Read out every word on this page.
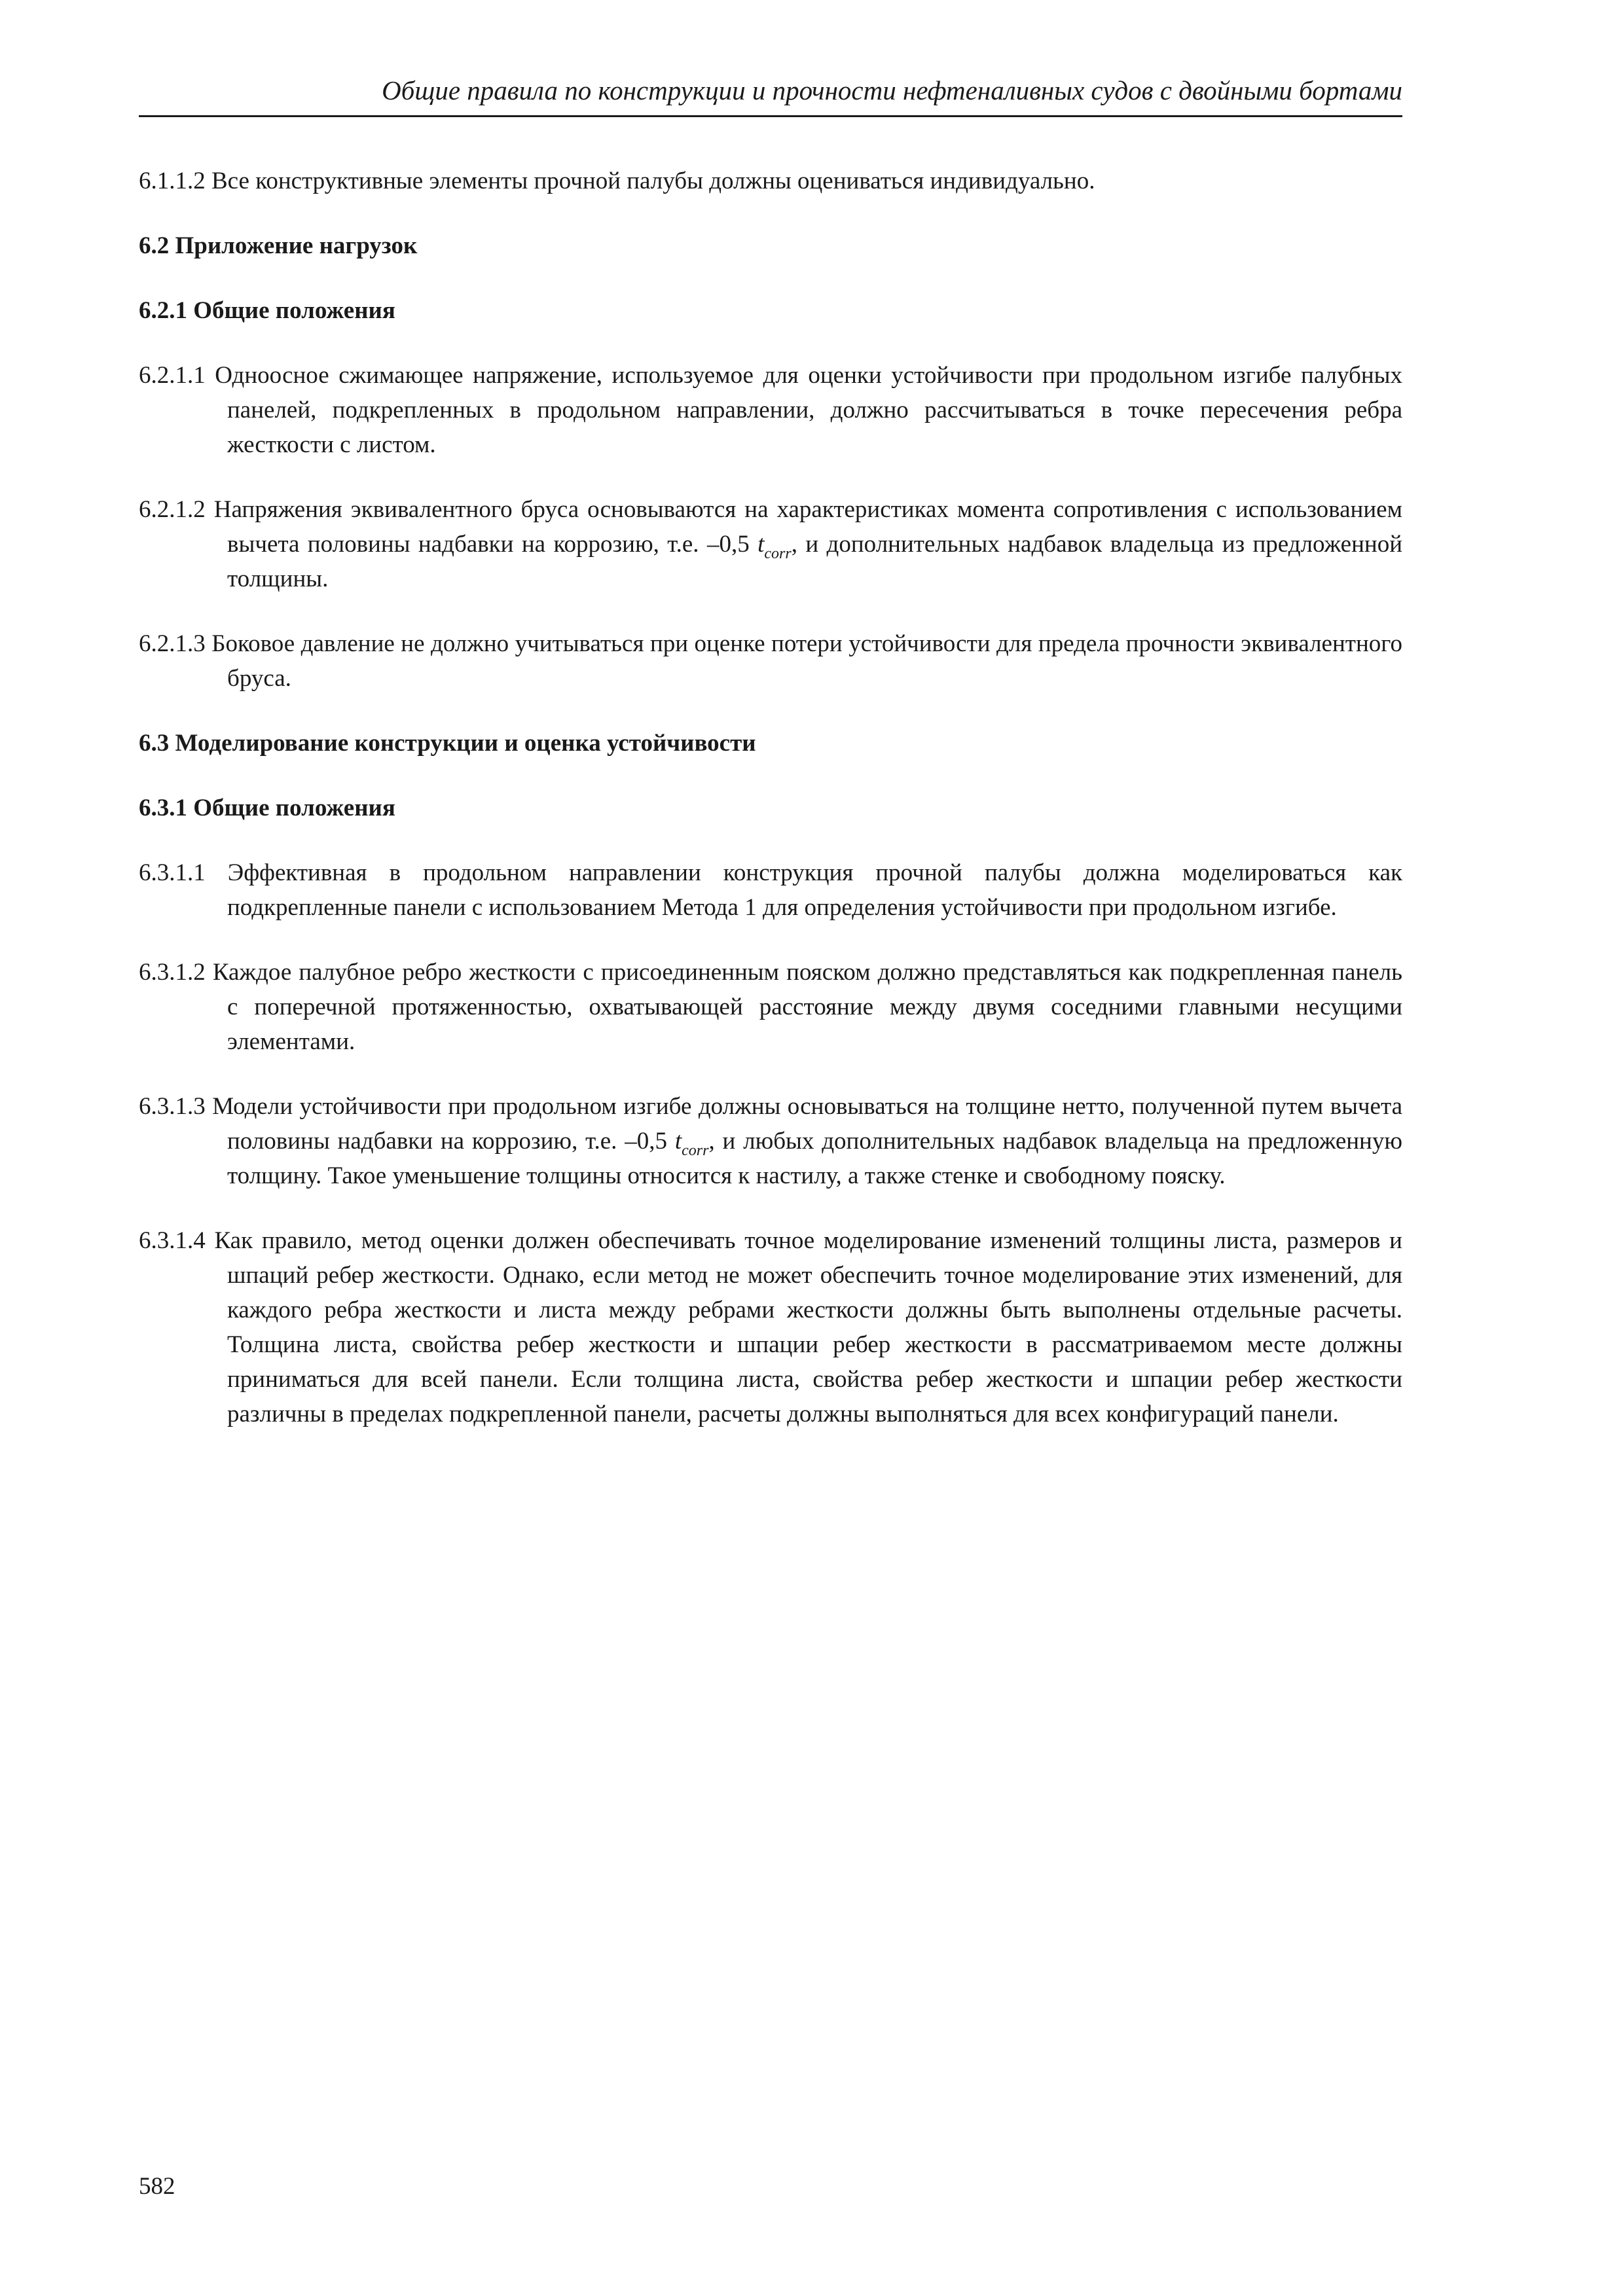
Общие правила по конструкции и прочности нефтеналивных судов с двойными бортами
6.1.1.2 Все конструктивные элементы прочной палубы должны оцениваться индивидуально.
6.2 Приложение нагрузок
6.2.1 Общие положения
6.2.1.1 Одноосное сжимающее напряжение, используемое для оценки устойчивости при продольном изгибе палубных панелей, подкрепленных в продольном направлении, должно рассчитываться в точке пересечения ребра жесткости с листом.
6.2.1.2 Напряжения эквивалентного бруса основываются на характеристиках момента сопротивления с использованием вычета половины надбавки на коррозию, т.е. –0,5 $t_{corr}$, и дополнительных надбавок владельца из предложенной толщины.
6.2.1.3 Боковое давление не должно учитываться при оценке потери устойчивости для предела прочности эквивалентного бруса.
6.3 Моделирование конструкции и оценка устойчивости
6.3.1 Общие положения
6.3.1.1 Эффективная в продольном направлении конструкция прочной палубы должна моделироваться как подкрепленные панели с использованием Метода 1 для определения устойчивости при продольном изгибе.
6.3.1.2 Каждое палубное ребро жесткости с присоединенным пояском должно представляться как подкрепленная панель с поперечной протяженностью, охватывающей расстояние между двумя соседними главными несущими элементами.
6.3.1.3 Модели устойчивости при продольном изгибе должны основываться на толщине нетто, полученной путем вычета половины надбавки на коррозию, т.е. –0,5 $t_{corr}$, и любых дополнительных надбавок владельца на предложенную толщину. Такое уменьшение толщины относится к настилу, а также стенке и свободному пояску.
6.3.1.4 Как правило, метод оценки должен обеспечивать точное моделирование изменений толщины листа, размеров и шпаций ребер жесткости. Однако, если метод не может обеспечить точное моделирование этих изменений, для каждого ребра жесткости и листа между ребрами жесткости должны быть выполнены отдельные расчеты. Толщина листа, свойства ребер жесткости и шпации ребер жесткости в рассматриваемом месте должны приниматься для всей панели. Если толщина листа, свойства ребер жесткости и шпации ребер жесткости различны в пределах подкрепленной панели, расчеты должны выполняться для всех конфигураций панели.
582
